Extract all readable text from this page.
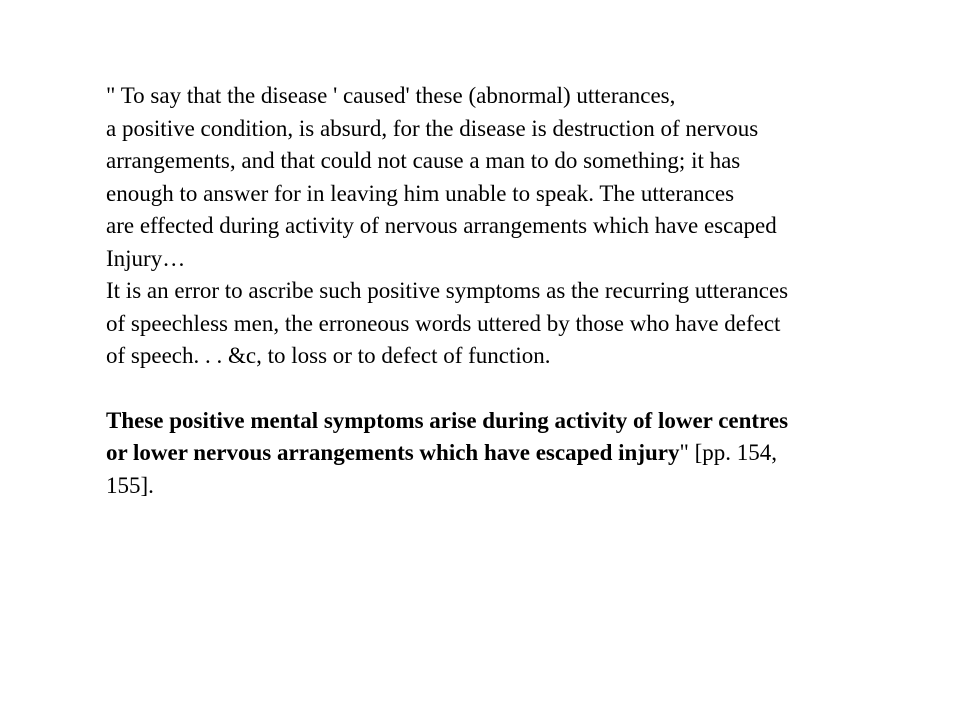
" To say that the disease ' caused' these (abnormal) utterances,
a positive condition, is absurd, for the disease is destruction of nervous
arrangements, and that could not cause a man to do something; it has
enough to answer for in leaving him unable to speak. The utterances
are effected during activity of nervous arrangements which have escaped
Injury…
It is an error to ascribe such positive symptoms as the recurring utterances
of speechless men, the erroneous words uttered by those who have defect
of speech. . . &c, to loss or to defect of function.
These positive mental symptoms arise during activity of lower centres
or lower nervous arrangements which have escaped injury" [pp. 154,
155].
